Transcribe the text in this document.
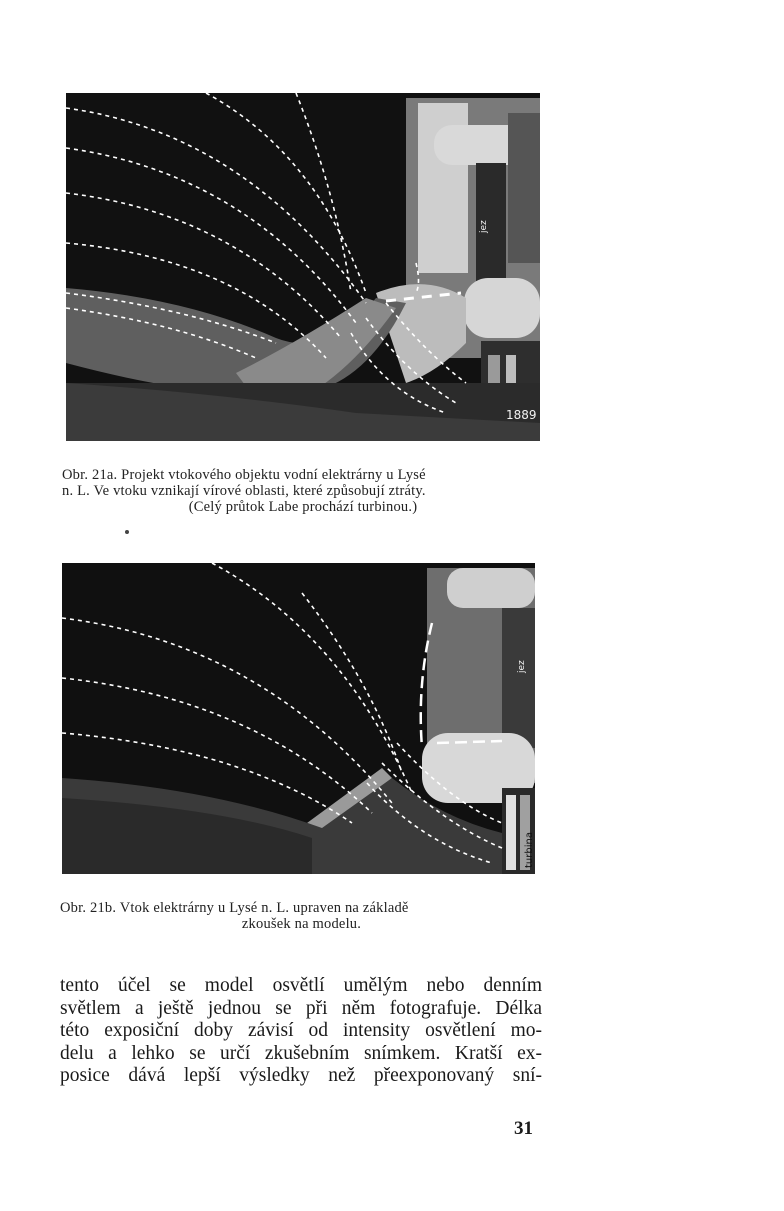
jez
1889
Obr. 21a. Projekt vtokového objektu vodní elektrárny u Lysé
n. L. Ve vtoku vznikají vírové oblasti, které způsobují ztráty.
(Celý průtok Labe prochází turbinou.)
jez
turbina
Obr. 21b. Vtok elektrárny u Lysé n. L. upraven na základě
zkoušek na modelu.
tento účel se model osvětlí umělým nebo denním
světlem a ještě jednou se při něm fotografuje. Délka
této exposiční doby závisí od intensity osvětlení mo-
delu a lehko se určí zkušebním snímkem. Kratší ex-
posice dává lepší výsledky než přeexponovaný sní-
31
